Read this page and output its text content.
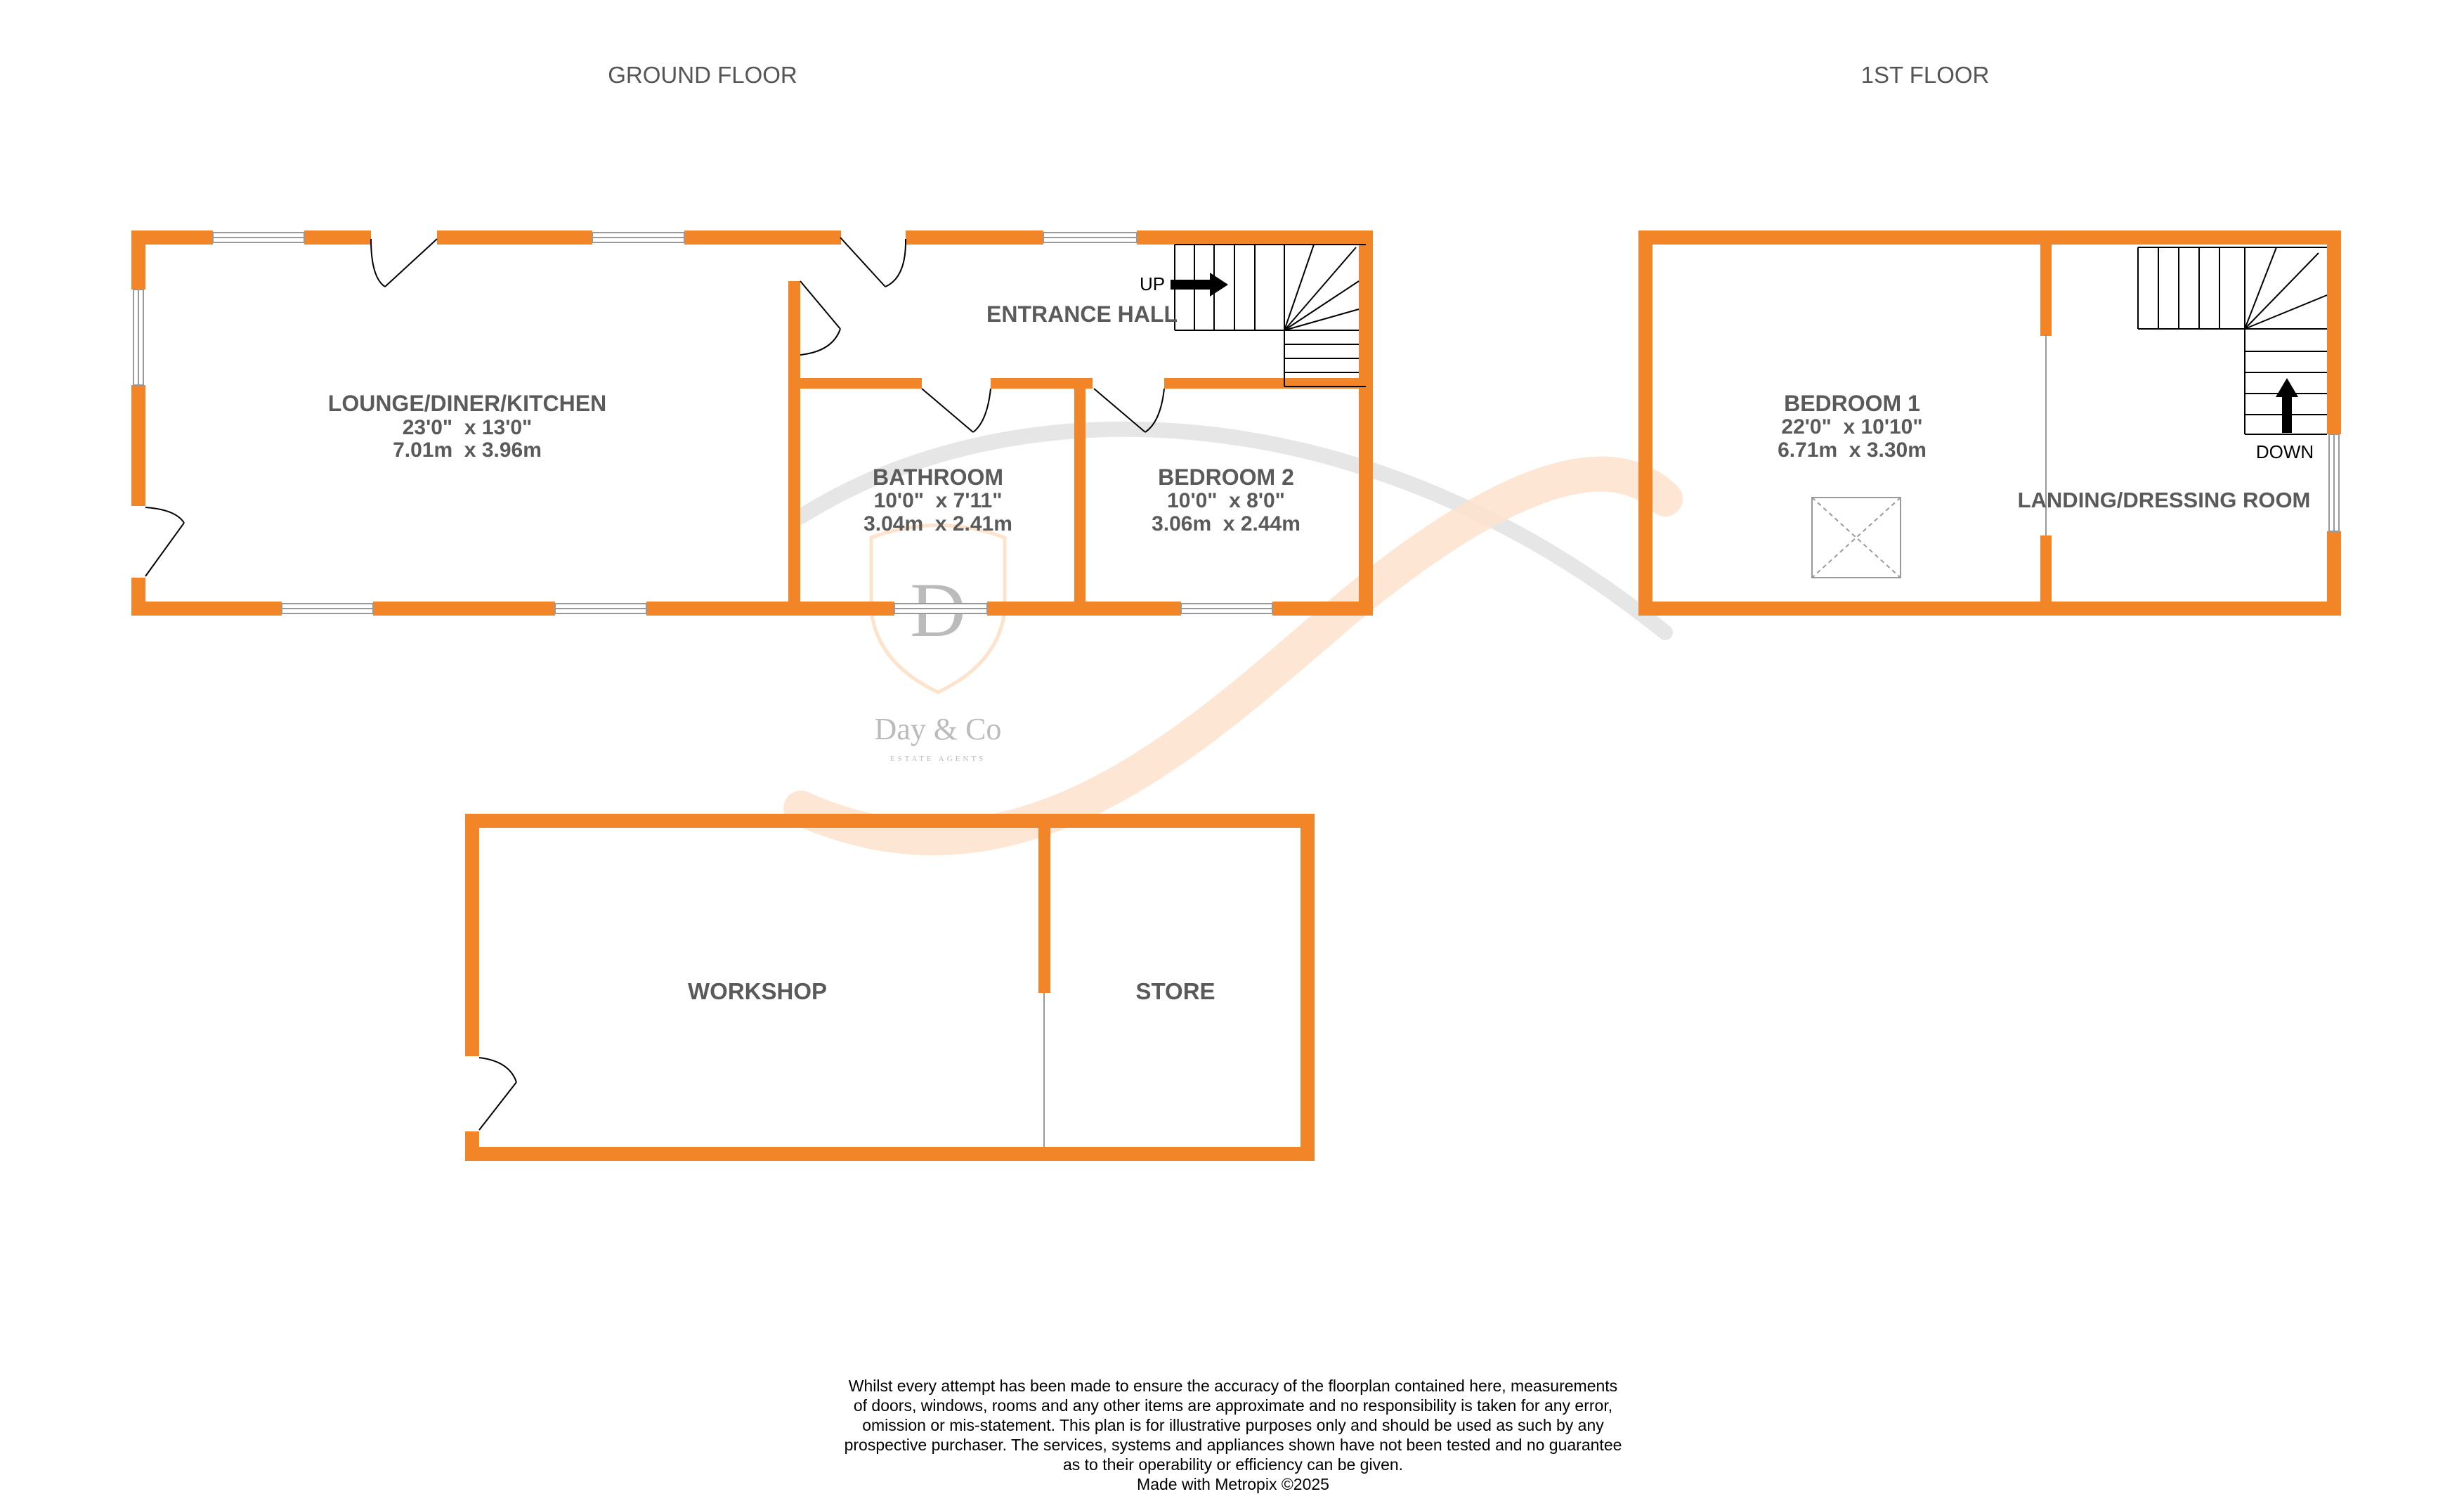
Day & Co
ESTATE AGENTS
GROUND FLOOR	1ST FLOOR
UP
LOUNGE/DINER/KITCHEN
23'0"  x 13'0"
7.01m  x 3.96m
ENTRANCE HALL
BATHROOM
10'0"  x 7'11"
3.04m  x 2.41m
BEDROOM 2
10'0"  x 8'0"
3.06m  x 2.44m
WORKSHOP	STORE
DOWN
BEDROOM 1
22'0"  x 10'10"
6.71m  x 3.30m
LANDING/DRESSING ROOM
Whilst every attempt has been made to ensure the accuracy of the floorplan contained here, measurements
of doors, windows, rooms and any other items are approximate and no responsibility is taken for any error,
omission or mis-statement. This plan is for illustrative purposes only and should be used as such by any
prospective purchaser. The services, systems and appliances shown have not been tested and no guarantee
as to their operability or efficiency can be given.
Made with Metropix ©2025
